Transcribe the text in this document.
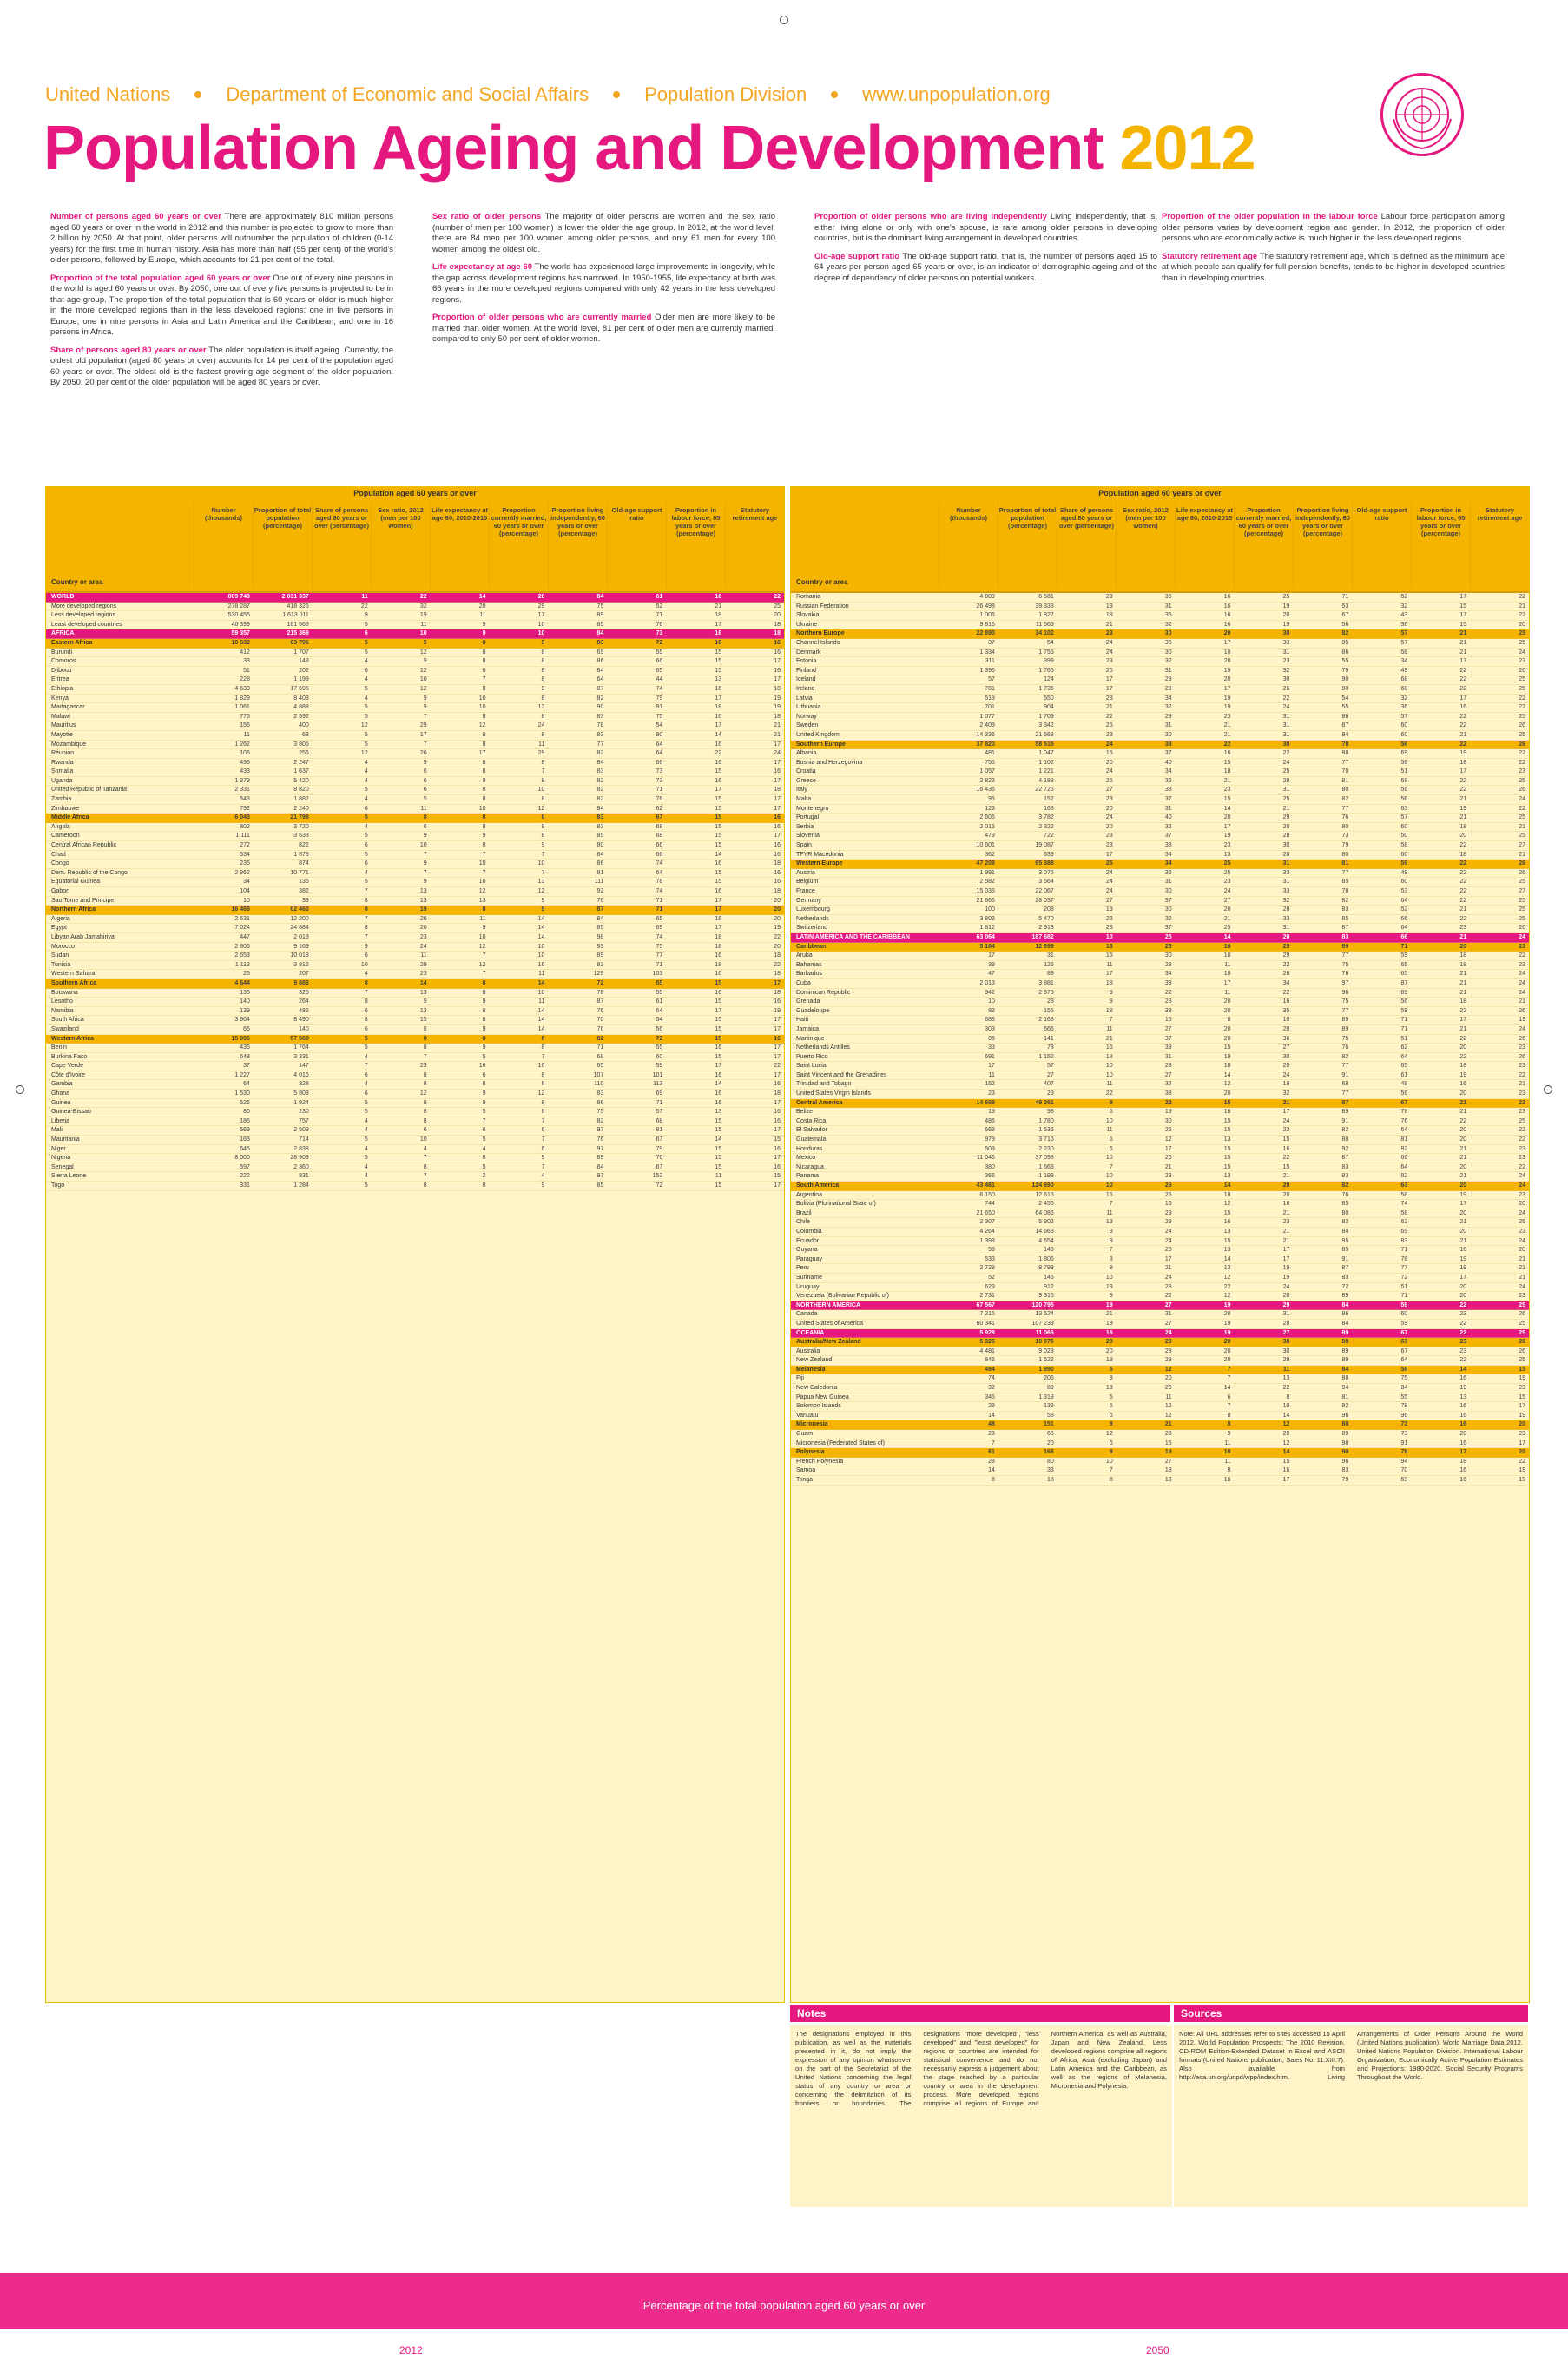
United Nations	Department of Economic and Social Affairs	Population Division	www.unpopulation.org
Population Ageing and Development 2012

Number of persons aged 60 years or over There are approximately 810 million persons aged 60 years or over in the world in 2012 and this number is projected to grow to more than 2 billion by 2050. At that point, older persons will outnumber the population of children (0-14 years) for the first time in human history. Asia has more than half (55 per cent) of the world's older persons, followed by Europe, which accounts for 21 per cent of the total.

Proportion of the total population aged 60 years or over One out of every nine persons in the world is aged 60 years or over. By 2050, one out of every five persons is projected to be in that age group. The proportion of the total population that is 60 years or older is much higher in the more developed regions than in the less developed regions: one in five persons in Europe; one in nine persons in Asia and Latin America and the Caribbean; and one in 16 persons in Africa.

Share of persons aged 80 years or over The older population is itself ageing. Currently, the oldest old population (aged 80 years or over) accounts for 14 per cent of the population aged 60 years or over. The oldest old is the fastest growing age segment of the older population. By 2050, 20 per cent of the older population will be aged 80 years or over.

Sex ratio of older persons The majority of older persons are women and the sex ratio (number of men per 100 women) is lower the older the age group. In 2012, at the world level, there are 84 men per 100 women among older persons, and only 61 men for every 100 women among the oldest old.

Life expectancy at age 60 The world has experienced large improvements in longevity, while the gap across development regions has narrowed. In 1950-1955, life expectancy at birth was 66 years in the more developed regions compared with only 42 years in the less developed regions.

Proportion of older persons who are currently married Older men are more likely to be married than older women. At the world level, 81 per cent of older men are currently married, compared to only 50 per cent of older women.

Proportion of older persons who are living independently Living independently, that is, either living alone or only with one's spouse, is rare among older persons in developing countries, but is the dominant living arrangement in developed countries.

Old-age support ratio The old-age support ratio, that is, the number of persons aged 15 to 64 years per person aged 65 years or over, is an indicator of demographic ageing and of the degree of dependency of older persons on potential workers.

Proportion of the older population in the labour force Labour force participation among older persons varies by development region and gender. In 2012, the proportion of older persons who are economically active is much higher in the less developed regions.

Statutory retirement age The statutory retirement age, which is defined as the minimum age at which people can qualify for full pension benefits, tends to be higher in developed countries than in developing countries.

Population aged 60 years or over
Number (thousands)
Proportion of total population (percentage)
Share of persons aged 80 years or over (percentage)
Sex ratio, 2012 (men per 100 women)
Life expectancy at age 60, 2010-2015
Proportion currently married, 60 years or over (percentage)
Proportion living independently, 60 years or over (percentage)
Old-age support ratio
Proportion in labour force, 65 years or over (percentage)
Statutory retirement age
Country or area
WORLD	809 743	2 031 337	11	22	14	20	84	61	18	22
More developed regions	278 287	418 326	22	32	20	29	75	52	21	25
Less developed regions	530 455	1 613 011	9	19	11	17	89	71	18	20
Least developed countries	46 399	181 568	5	11	9	10	85	76	17	18
AFRICA	59 357	215 369	6	10	9	10	84	73	16	18
Eastern Africa	18 632	63 796	5	9	8	9	83	72	16	18
Burundi	412	1 707	5	12	8	8	69	55	15	16
Comoros	33	148	4	9	8	8	86	66	15	17
Djibouti	51	202	6	12	6	8	84	65	15	16
Eritrea	228	1 199	4	10	7	8	64	44	13	17
Ethiopia	4 633	17 695	5	12	8	9	87	74	16	18
Kenya	1 829	8 403	4	9	10	8	82	79	17	19
Madagascar	1 061	4 888	5	9	10	12	90	91	18	19
Malawi	776	2 592	5	7	8	8	83	75	16	18
Mauritius	156	400	12	29	12	24	78	54	17	21
Mayotte	11	63	5	17	8	8	83	80	14	21
Mozambique	1 262	3 806	5	7	8	11	77	64	16	17
Réunion	106	256	12	26	17	29	82	64	22	24
Rwanda	496	2 247	4	9	8	8	84	66	16	17
Somalia	433	1 637	4	6	6	7	83	73	15	16
Uganda	1 379	5 420	4	6	9	8	82	73	16	17
United Republic of Tanzania	2 331	8 820	5	6	8	10	82	71	17	18
Zambia	543	1 882	4	5	8	8	82	76	15	17
Zimbabwe	792	2 240	6	11	10	12	84	62	15	17
Middle Africa	6 043	21 798	5	8	8	8	83	67	15	16
Angola	802	3 720	4	6	8	9	83	68	15	16
Cameroon	1 111	3 638	5	9	9	8	85	68	15	17
Central African Republic	272	822	6	10	8	9	80	66	15	16
Chad	534	1 878	5	7	7	7	84	66	14	16
Congo	235	874	6	9	10	10	86	74	16	18
Dem. Republic of the Congo	2 962	10 771	4	7	7	7	81	64	15	16
Equatorial Guinea	34	136	5	9	10	13	111	78	15	16
Gabon	104	382	7	13	12	12	92	74	16	18
Sao Tome and Principe	10	39	8	13	13	9	76	71	17	20
Northern Africa	16 468	62 463	8	19	8	9	87	71	17	20
Algeria	2 631	12 200	7	26	11	14	84	65	18	20
Egypt	7 024	24 884	8	20	9	14	85	69	17	19
Libyan Arab Jamahiriya	447	2 018	7	23	10	14	98	74	18	22
Morocco	2 806	9 169	9	24	12	10	93	75	18	20
Sudan	2 653	10 018	6	11	7	10	89	77	16	18
Tunisia	1 113	3 812	10	29	12	16	92	71	18	22
Western Sahara	25	207	4	23	7	11	129	103	16	18
Southern Africa	4 644	9 883	8	14	8	14	72	55	15	17
Botswana	135	326	7	13	8	10	78	55	16	18
Lesotho	140	264	8	9	9	11	87	61	15	16
Namibia	139	482	6	13	8	14	76	64	17	19
South Africa	3 964	8 490	8	15	8	14	70	54	15	17
Swaziland	66	140	6	8	9	14	76	56	15	17
Western Africa	15 996	57 568	5	8	8	8	82	72	15	16
Benin	435	1 764	5	8	9	8	71	55	16	17
Burkina Faso	648	3 331	4	7	5	7	68	60	15	17
Cape Verde	37	147	7	23	16	16	65	59	17	22
Côte d'Ivoire	1 227	4 016	6	8	6	8	107	101	16	17
Gambia	64	328	4	8	6	6	110	113	14	16
Ghana	1 530	5 803	6	12	9	12	83	69	16	18
Guinea	526	1 924	5	8	9	8	86	71	16	17
Guinea-Bissau	80	230	5	8	5	6	75	57	13	16
Liberia	186	757	4	8	7	7	82	68	15	16
Mali	569	2 509	4	6	6	6	97	81	15	17
Mauritania	163	714	5	10	5	7	76	67	14	15
Niger	645	2 838	4	4	4	6	97	79	15	16
Nigeria	8 000	28 909	5	7	8	9	89	76	15	17
Senegal	597	2 360	4	8	5	7	84	67	15	16
Sierra Leone	222	831	4	7	2	4	97	153	11	15
Togo	331	1 284	5	8	8	9	85	72	15	17
Population aged 60 years or over
Number (thousands)
Proportion of total population (percentage)
Share of persons aged 80 years or over (percentage)
Sex ratio, 2012 (men per 100 women)
Life expectancy at age 60, 2010-2015
Proportion currently married, 60 years or over (percentage)
Proportion living independently, 60 years or over (percentage)
Old-age support ratio
Proportion in labour force, 65 years or over (percentage)
Statutory retirement age
Country or area
Romania	4 889	6 581	23	36	16	25	71	52	17	22
Russian Federation	26 498	39 338	19	31	16	19	53	32	15	21
Slovakia	1 005	1 827	18	35	16	20	67	43	17	22
Ukraine	9 816	11 563	21	32	16	19	56	36	15	20
Northern Europe	22 890	34 102	23	30	20	30	82	57	21	25
Channel Islands	37	54	24	36	17	33	85	57	21	25
Denmark	1 334	1 756	24	30	18	31	86	58	21	24
Estonia	311	399	23	32	20	23	55	34	17	23
Finland	1 396	1 766	26	31	19	32	79	49	22	26
Iceland	57	124	17	29	20	30	90	68	22	25
Ireland	781	1 735	17	29	17	26	88	60	22	25
Latvia	519	650	23	34	19	22	54	32	17	22
Lithuania	701	904	21	32	19	24	55	36	16	22
Norway	1 077	1 709	22	29	23	31	86	57	22	25
Sweden	2 409	3 342	25	31	21	31	87	60	22	26
United Kingdom	14 336	21 568	23	30	21	31	84	60	21	25
Southern Europe	37 820	58 515	24	38	22	30	78	56	22	26
Albania	481	1 047	15	37	16	22	88	69	19	22
Bosnia and Herzegovina	755	1 102	20	40	15	24	77	56	18	22
Croatia	1 057	1 221	24	34	18	25	70	51	17	23
Greece	2 823	4 188	25	36	21	29	81	68	22	25
Italy	16 436	22 725	27	38	23	31	80	56	22	26
Malta	95	152	23	37	15	25	82	56	21	24
Montenegro	123	168	20	31	14	21	77	63	19	22
Portugal	2 606	3 782	24	40	20	29	76	57	21	25
Serbia	2 015	2 322	20	32	17	20	80	60	18	21
Slovenia	479	722	23	37	19	28	73	50	20	25
Spain	10 601	19 087	23	38	23	30	79	58	22	27
TFYR Macedonia	362	639	17	34	13	20	80	60	18	21
Western Europe	47 208	65 388	25	34	25	31	81	59	22	26
Austria	1 991	3 075	24	36	25	33	77	49	22	26
Belgium	2 582	3 564	24	31	23	31	85	60	22	25
France	15 036	22 067	24	30	24	33	78	53	22	27
Germany	21 866	28 037	27	37	27	32	82	64	22	25
Luxembourg	100	208	19	30	20	28	83	52	21	25
Netherlands	3 803	5 470	23	32	21	33	85	66	22	25
Switzerland	1 812	2 918	23	37	25	31	87	64	23	26
LATIN AMERICA AND THE CARIBBEAN	63 064	187 682	10	25	14	20	83	66	21	24
Caribbean	5 184	12 699	13	25	16	25	89	71	20	23
Aruba	17	31	15	30	10	29	77	59	18	22
Bahamas	39	125	11	28	11	22	75	65	18	23
Barbados	47	89	17	34	18	26	76	65	21	24
Cuba	2 013	3 881	18	39	17	34	97	87	21	24
Dominican Republic	942	2 875	9	22	11	22	96	89	21	24
Grenada	10	28	9	28	20	16	75	56	18	21
Guadeloupe	83	155	18	33	20	35	77	59	22	26
Haiti	688	2 168	7	15	8	10	89	71	17	19
Jamaica	303	666	11	27	20	28	89	71	21	24
Martinique	85	141	21	37	20	36	75	51	22	26
Netherlands Antilles	33	78	16	39	15	27	76	62	20	23
Puerto Rico	691	1 152	18	31	19	30	82	64	22	26
Saint Lucia	17	57	10	28	18	20	77	65	18	23
Saint Vincent and the Grenadines	11	27	10	27	14	24	91	61	19	22
Trinidad and Tobago	152	407	11	32	12	19	68	49	16	21
United States Virgin Islands	23	29	22	38	20	32	77	56	20	23
Central America	14 609	49 361	9	22	15	21	87	67	21	23
Belize	19	98	6	19	16	17	89	78	21	23
Costa Rica	486	1 780	10	30	15	24	91	76	22	25
El Salvador	669	1 536	11	25	15	23	82	64	20	22
Guatemala	979	3 716	6	12	13	15	88	81	20	22
Honduras	509	2 230	6	17	15	16	92	82	21	23
Mexico	11 046	37 098	10	26	15	22	87	66	21	23
Nicaragua	380	1 663	7	21	15	15	83	64	20	22
Panama	366	1 199	10	23	13	21	93	82	21	24
South America	43 461	124 690	10	26	14	20	82	63	20	24
Argentina	6 150	12 615	15	25	18	20	76	58	19	23
Bolivia (Plurinational State of)	744	2 456	7	16	12	16	85	74	17	20
Brazil	21 650	64 086	11	29	15	21	80	58	20	24
Chile	2 307	5 902	13	29	16	23	82	62	21	25
Colombia	4 264	14 668	9	24	13	21	84	69	20	23
Ecuador	1 398	4 654	9	24	15	21	95	83	21	24
Guyana	58	146	7	26	13	17	85	71	16	20
Paraguay	533	1 806	8	17	14	17	91	78	19	21
Peru	2 729	8 799	9	21	13	19	87	77	19	21
Suriname	52	146	10	24	12	19	83	72	17	21
Uruguay	629	912	19	28	22	24	72	51	20	24
Venezuela (Bolivarian Republic of)	2 731	9 316	9	22	12	20	89	71	20	23
NORTHERN AMERICA	67 567	120 795	19	27	19	29	84	59	22	25
Canada	7 215	13 524	21	31	20	31	86	60	23	26
United States of America	60 341	107 239	19	27	19	28	84	59	22	25
OCEANIA	5 928	11 066	16	24	19	27	89	67	22	25
Australia/New Zealand	5 326	10 075	20	29	20	30	88	63	23	26
Australia	4 481	9 023	20	29	20	30	89	67	23	26
New Zealand	845	1 622	19	29	20	29	89	64	22	25
Melanesia	494	1 990	5	12	7	11	84	58	14	15
Fiji	74	206	9	20	7	13	88	75	16	19
New Caledonia	32	89	13	26	14	22	94	84	19	23
Papua New Guinea	345	1 319	5	11	6	8	81	55	13	15
Solomon Islands	29	139	5	12	7	10	92	78	16	17
Vanuatu	14	58	6	12	8	14	96	96	16	19
Micronesia	48	151	9	21	8	12	88	72	16	20
Guam	23	66	12	28	9	20	89	73	20	23
Micronesia (Federated States of)	7	20	6	15	11	12	98	91	16	17
Polynesia	61	168	9	19	10	14	90	78	17	20
French Polynesia	28	80	10	27	11	15	96	94	18	22
Samoa	14	33	7	18	8	16	83	70	16	19
Tonga	8	18	8	13	16	17	79	69	16	19
Notes
The designations employed in this publication, as well as the materials presented in it, do not imply the expression of any opinion whatsoever on the part of the Secretariat of the United Nations concerning the legal status of any country or area or concerning the delimitation of its frontiers or boundaries. The designations "more developed", "less developed" and "least developed" for regions or countries are intended for statistical convenience and do not necessarily express a judgement about the stage reached by a particular country or area in the development process. More developed regions comprise all regions of Europe and Northern America, as well as Australia, Japan and New Zealand. Less developed regions comprise all regions of Africa, Asia (excluding Japan) and Latin America and the Caribbean, as well as the regions of Melanesia, Micronesia and Polynesia.
Sources
Note: All URL addresses refer to sites accessed 15 April 2012. World Population Prospects: The 2010 Revision, CD-ROM Edition-Extended Dataset in Excel and ASCII formats (United Nations publication, Sales No. 11.XIII.7). Also available from http://esa.un.org/unpd/wpp/index.htm. Living Arrangements of Older Persons Around the World (United Nations publication). World Marriage Data 2012, United Nations Population Division. International Labour Organization, Economically Active Population Estimates and Projections: 1980-2020. Social Security Programs Throughout the World.
Percentage of the total population aged 60 years or over
2012	2050
